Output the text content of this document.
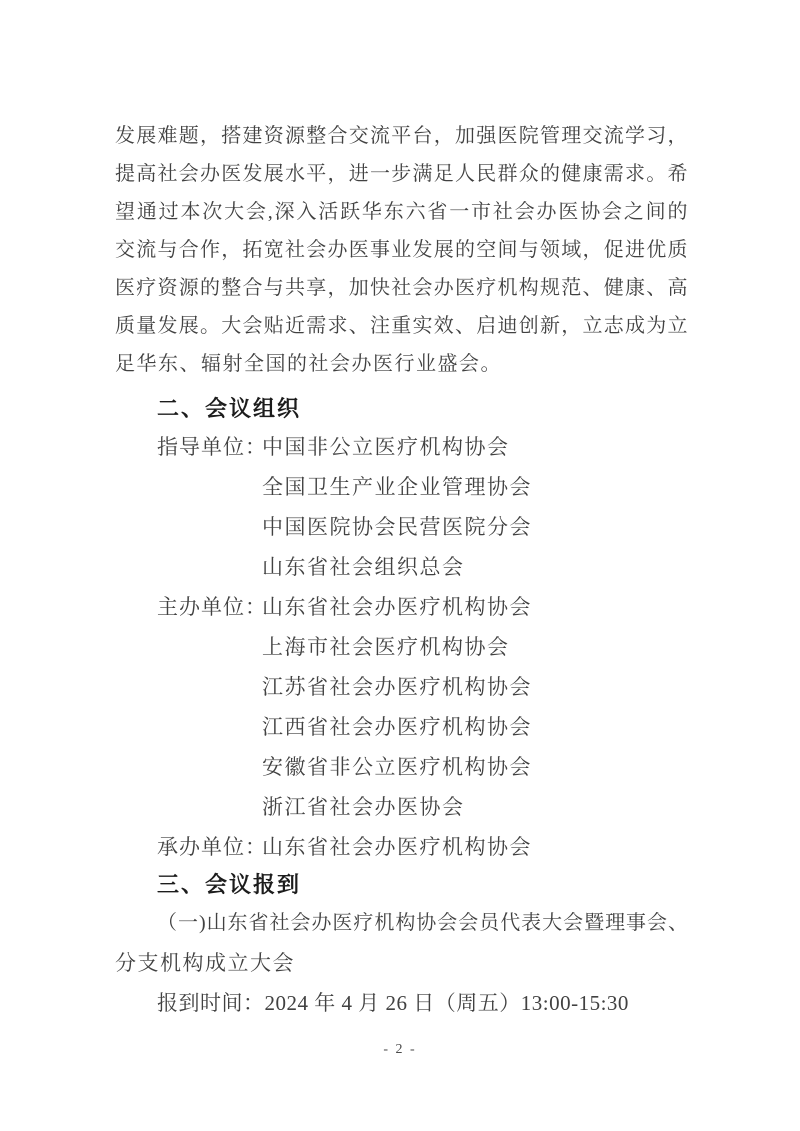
发展难题，搭建资源整合交流平台，加强医院管理交流学习，
提高社会办医发展水平，进一步满足人民群众的健康需求。希
望通过本次大会,深入活跃华东六省一市社会办医协会之间的
交流与合作，拓宽社会办医事业发展的空间与领域，促进优质
医疗资源的整合与共享，加快社会办医疗机构规范、健康、高
质量发展。大会贴近需求、注重实效、启迪创新，立志成为立
足华东、辐射全国的社会办医行业盛会。
二、会议组织
指导单位：
中国非公立医疗机构协会
全国卫生产业企业管理协会
中国医院协会民营医院分会
山东省社会组织总会
主办单位：
山东省社会办医疗机构协会
上海市社会医疗机构协会
江苏省社会办医疗机构协会
江西省社会办医疗机构协会
安徽省非公立医疗机构协会
浙江省社会办医协会
承办单位：
山东省社会办医疗机构协会
三、会议报到
（一)山东省社会办医疗机构协会会员代表大会暨理事会、
分支机构成立大会
报到时间：2024 年 4 月 26 日（周五）13:00-15:30
- 2 -
